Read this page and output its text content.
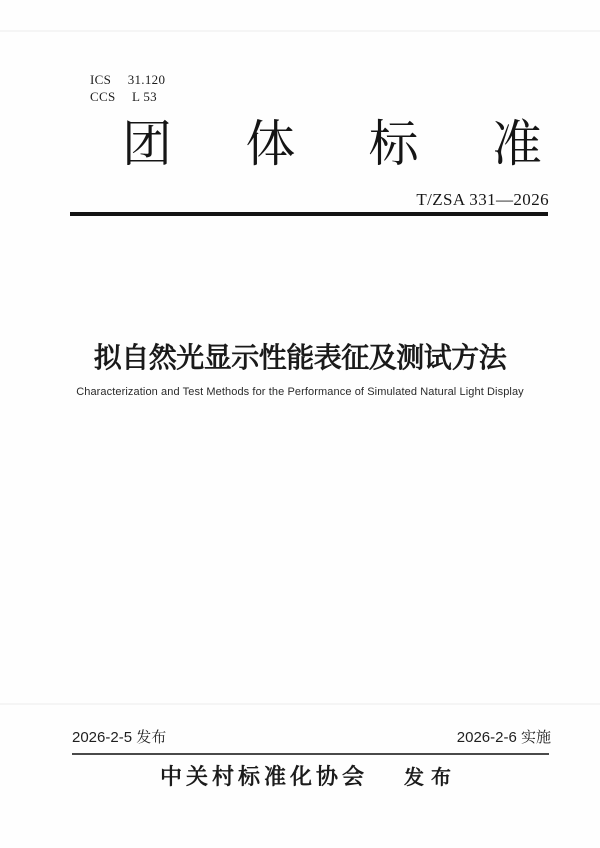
ICS 31.120
CCS L 53
团 体 标 准
T/ZSA 331—2026
拟自然光显示性能表征及测试方法
Characterization and Test Methods for the Performance of Simulated Natural Light Display
2026-2-5 发布	2026-2-6 实施
中关村标准化协会 发布
